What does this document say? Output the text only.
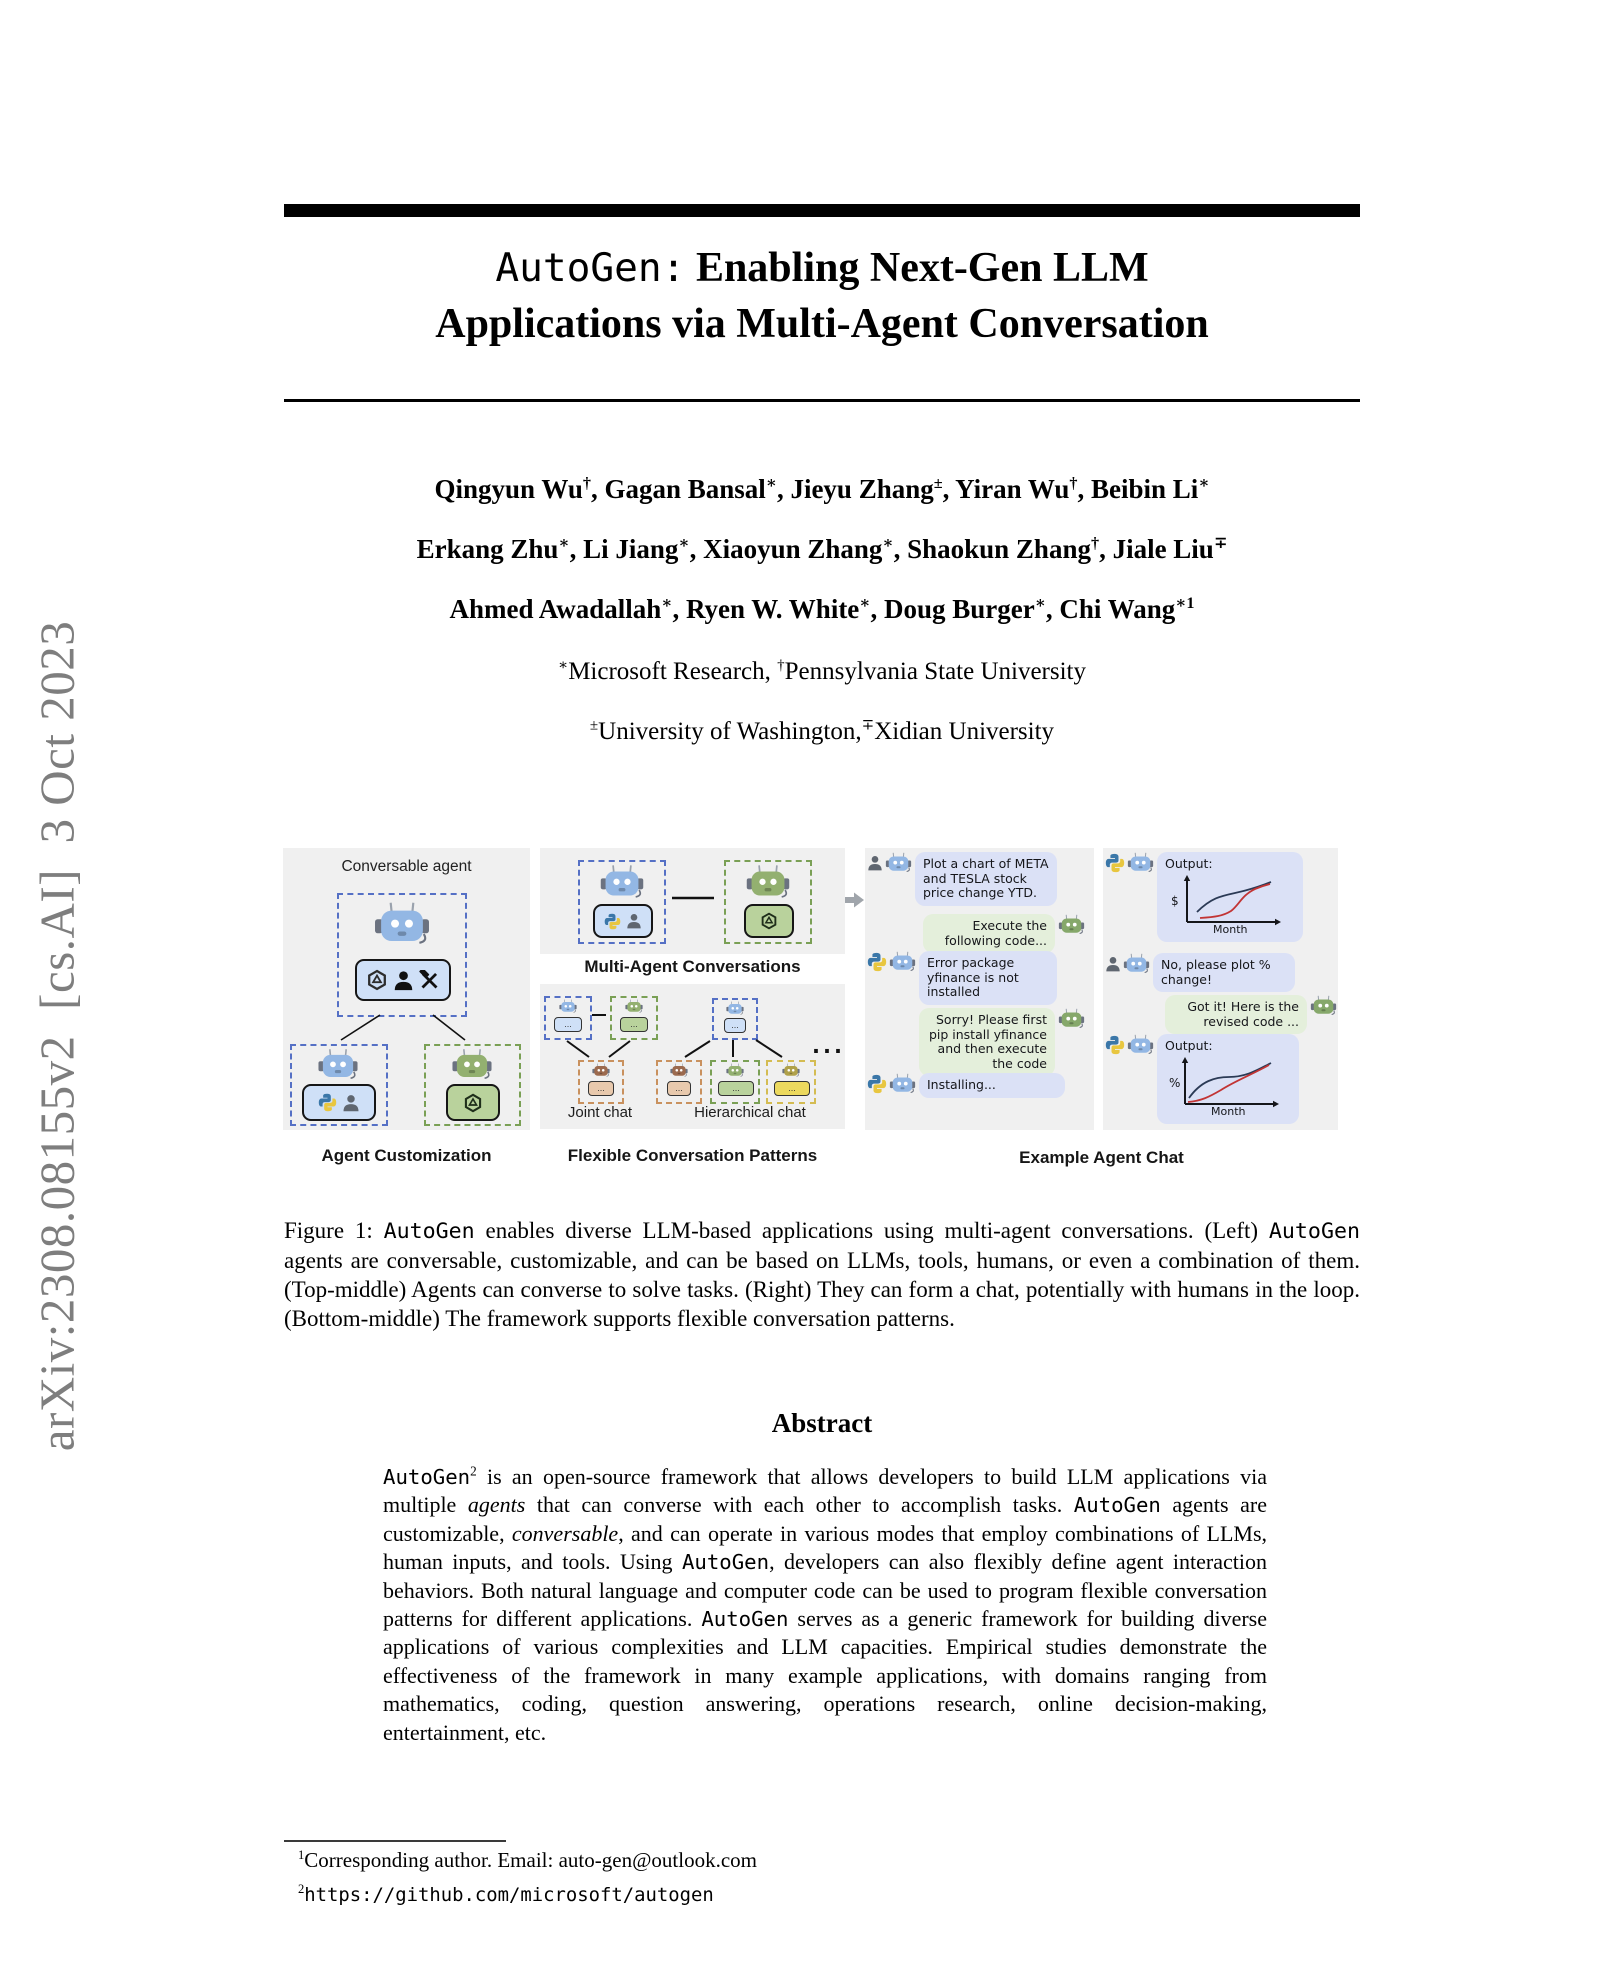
arXiv:2308.08155v2  [cs.AI]  3 Oct 2023
AutoGen: Enabling Next-Gen LLM
Applications via Multi-Agent Conversation
Qingyun Wu†, Gagan Bansal∗, Jieyu Zhang±, Yiran Wu†, Beibin Li∗
Erkang Zhu∗, Li Jiang∗, Xiaoyun Zhang∗, Shaokun Zhang†, Jiale Liu∓
Ahmed Awadallah∗, Ryen W. White∗, Doug Burger∗, Chi Wang$^{∗1}$
∗Microsoft Research, †Pennsylvania State University
±University of Washington,∓Xidian University
Conversable agent
Agent Customization
Multi-Agent Conversations
...	...
...
...
...	...	...
...
Joint chat	Hierarchical chat
Flexible Conversation Patterns
Plot a chart of META and TESLA stock price change YTD.
Execute the following code...
Error package yfinance is not installed
Sorry! Please first pip install yfinance and then execute the code
Installing...
Output:
$
Month
No, please plot % change!
Got it! Here is the revised code ...
Output:
%
Month
Example Agent Chat
Figure 1: AutoGen enables diverse LLM-based applications using multi-agent conversations. (Left) AutoGen agents are conversable, customizable, and can be based on LLMs, tools, humans, or even a combination of them. (Top-middle) Agents can converse to solve tasks. (Right) They can form a chat, potentially with humans in the loop. (Bottom-middle) The framework supports flexible conversation patterns.
Abstract
AutoGen$^2$ is an open-source framework that allows developers to build LLM applications via multiple agents that can converse with each other to accomplish tasks. AutoGen agents are customizable, conversable, and can operate in various modes that employ combinations of LLMs, human inputs, and tools. Using AutoGen, developers can also flexibly define agent interaction behaviors. Both natural language and computer code can be used to program flexible conversation patterns for different applications. AutoGen serves as a generic framework for building diverse applications of various complexities and LLM capacities. Empirical studies demonstrate the effectiveness of the framework in many example applications, with domains ranging from mathematics, coding, question answering, operations research, online decision-making, entertainment, etc.
$^1$Corresponding author. Email: auto-gen@outlook.com
$^2$https://github.com/microsoft/autogen
